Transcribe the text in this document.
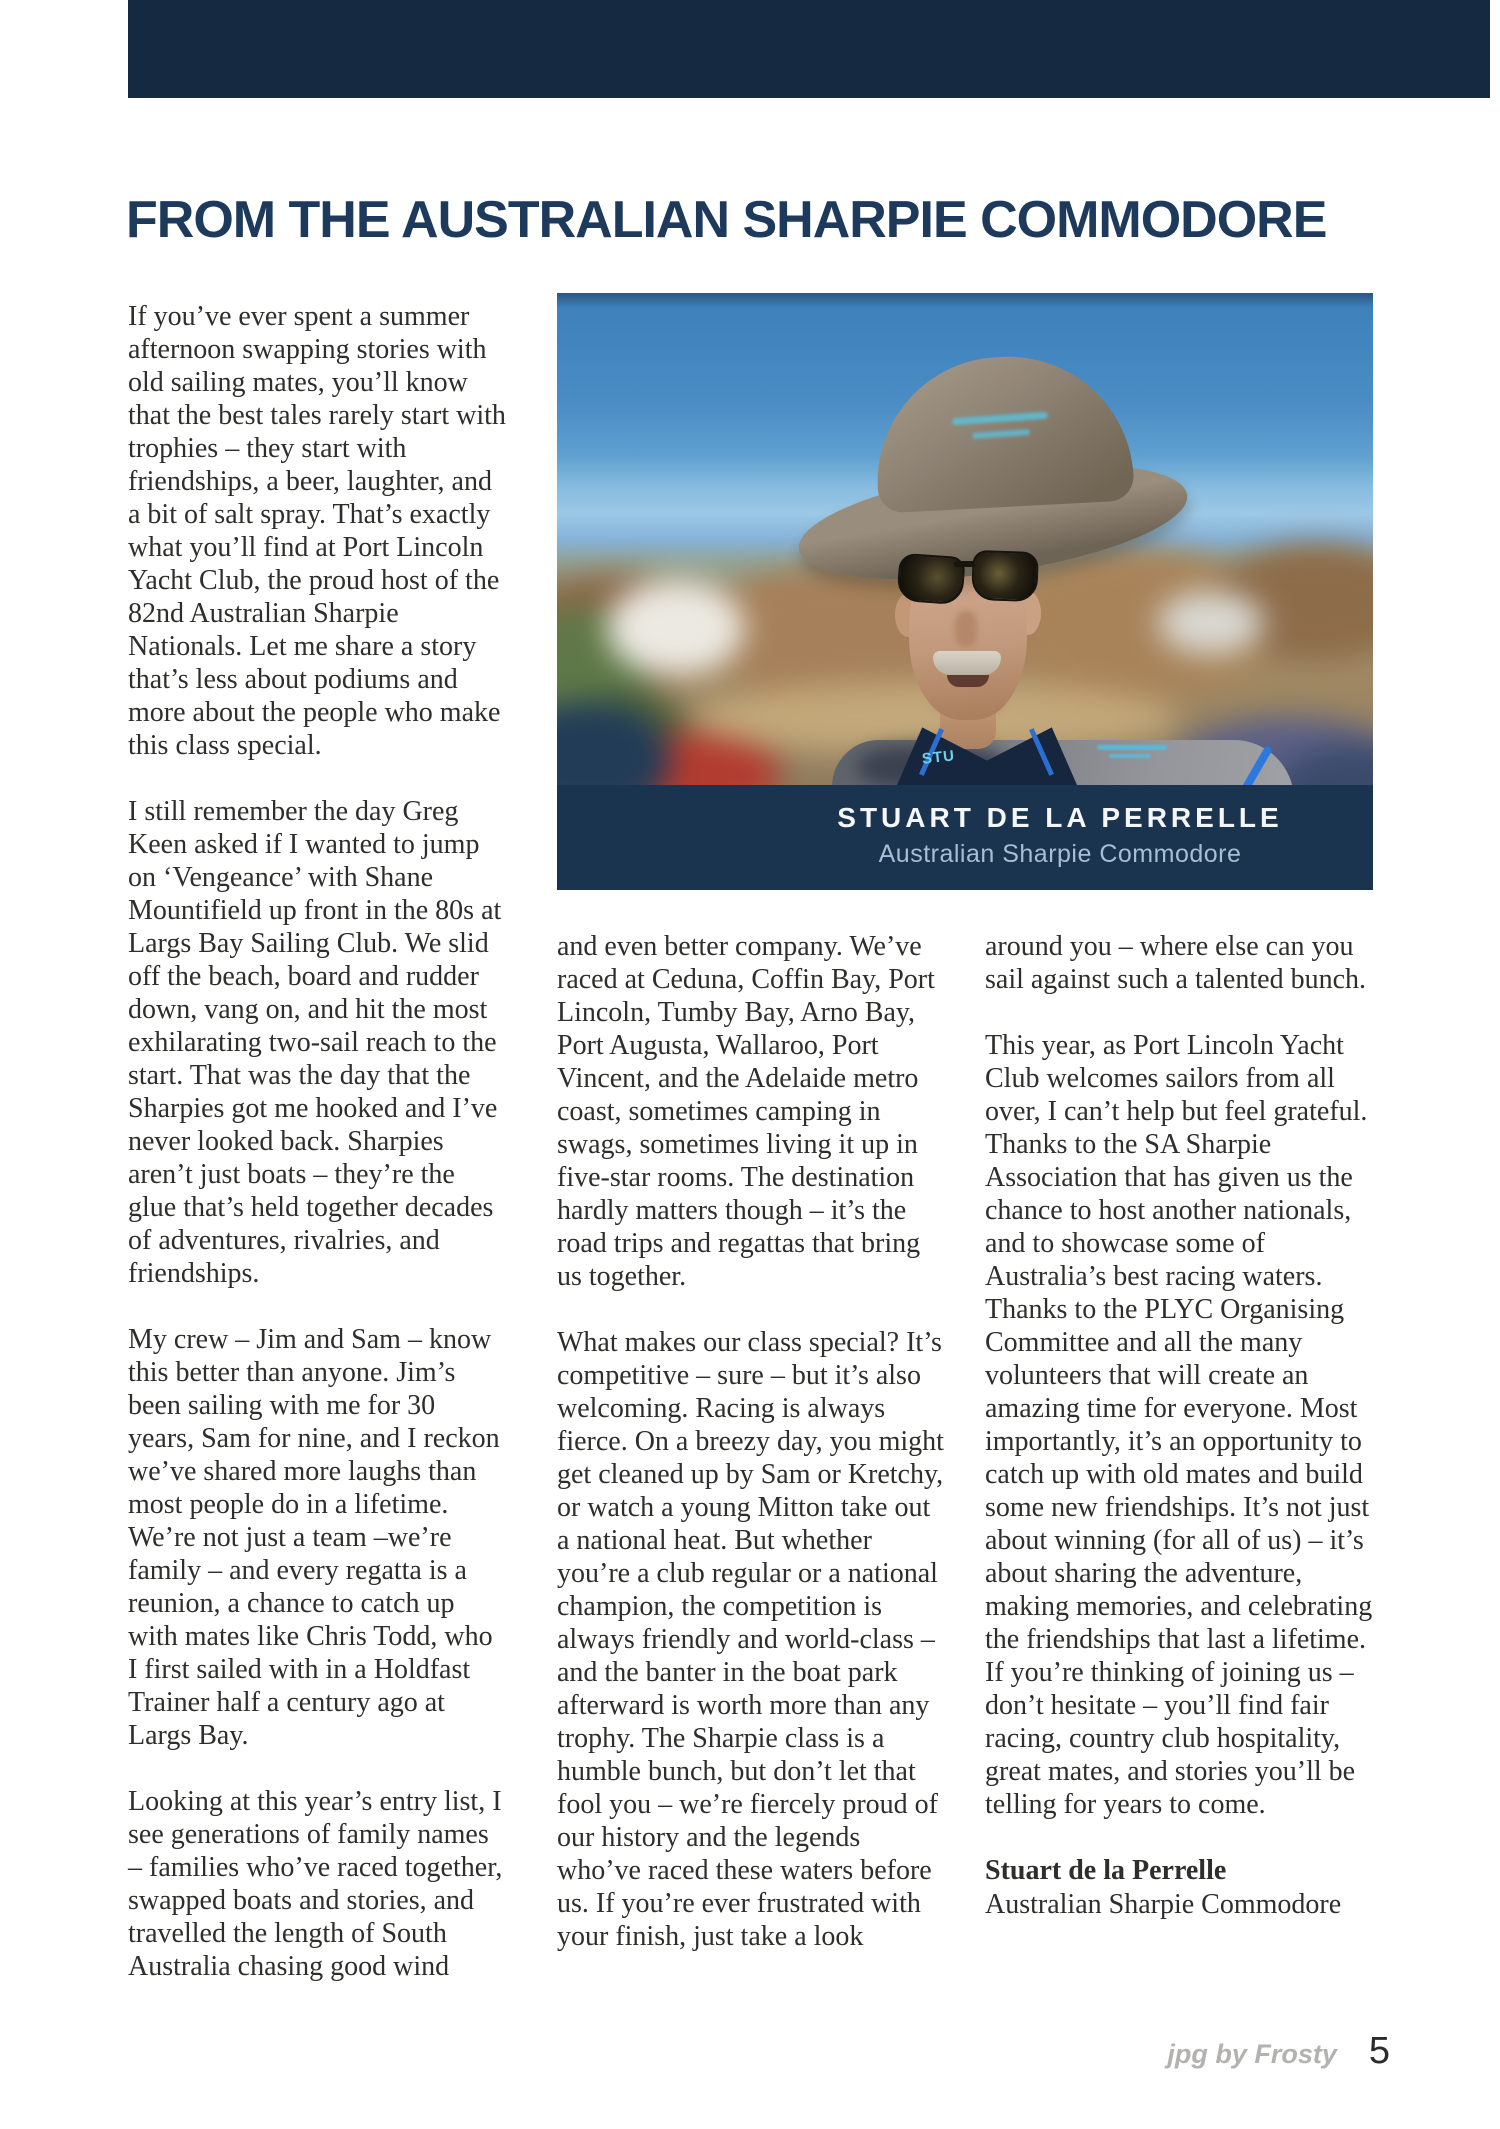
FROM THE AUSTRALIAN SHARPIE COMMODORE

If you’ve ever spent a summer afternoon swapping stories with old sailing mates, you’ll know that the best tales rarely start with trophies – they start with friendships, a beer, laughter, and a bit of salt spray. That’s exactly what you’ll find at Port Lincoln Yacht Club, the proud host of the 82nd Australian Sharpie Nationals. Let me share a story that’s less about podiums and more about the people who make this class special.

I still remember the day Greg Keen asked if I wanted to jump on ‘Vengeance’ with Shane Mountifield up front in the 80s at Largs Bay Sailing Club. We slid off the beach, board and rudder down, vang on, and hit the most exhilarating two-sail reach to the start. That was the day that the Sharpies got me hooked and I’ve never looked back. Sharpies aren’t just boats – they’re the glue that’s held together decades of adventures, rivalries, and friendships.

My crew – Jim and Sam – know this better than anyone. Jim’s been sailing with me for 30 years, Sam for nine, and I reckon we’ve shared more laughs than most people do in a lifetime. We’re not just a team –we’re family – and every regatta is a reunion, a chance to catch up with mates like Chris Todd, who I first sailed with in a Holdfast Trainer half a century ago at Largs Bay.

Looking at this year’s entry list, I see generations of family names – families who’ve raced together, swapped boats and stories, and travelled the length of South Australia chasing good wind

STU
STUART DE LA PERRELLE
Australian Sharpie Commodore

and even better company. We’ve raced at Ceduna, Coffin Bay, Port Lincoln, Tumby Bay, Arno Bay, Port Augusta, Wallaroo, Port Vincent, and the Adelaide metro coast, sometimes camping in swags, sometimes living it up in five-star rooms. The destination hardly matters though – it’s the road trips and regattas that bring us together.

What makes our class special? It’s competitive – sure – but it’s also welcoming. Racing is always fierce. On a breezy day, you might get cleaned up by Sam or Kretchy, or watch a young Mitton take out a national heat. But whether you’re a club regular or a national champion, the competition is always friendly and world-class – and the banter in the boat park afterward is worth more than any trophy. The Sharpie class is a humble bunch, but don’t let that fool you – we’re fiercely proud of our history and the legends who’ve raced these waters before us. If you’re ever frustrated with your finish, just take a look

around you – where else can you sail against such a talented bunch.

This year, as Port Lincoln Yacht Club welcomes sailors from all over, I can’t help but feel grateful. Thanks to the SA Sharpie Association that has given us the chance to host another nationals, and to showcase some of Australia’s best racing waters. Thanks to the PLYC Organising Committee and all the many volunteers that will create an amazing time for everyone. Most importantly, it’s an opportunity to catch up with old mates and build some new friendships. It’s not just about winning (for all of us) – it’s about sharing the adventure, making memories, and celebrating the friendships that last a lifetime. If you’re thinking of joining us – don’t hesitate – you’ll find fair racing, country club hospitality, great mates, and stories you’ll be telling for years to come.

Stuart de la Perrelle
Australian Sharpie Commodore
jpg by Frosty 5
